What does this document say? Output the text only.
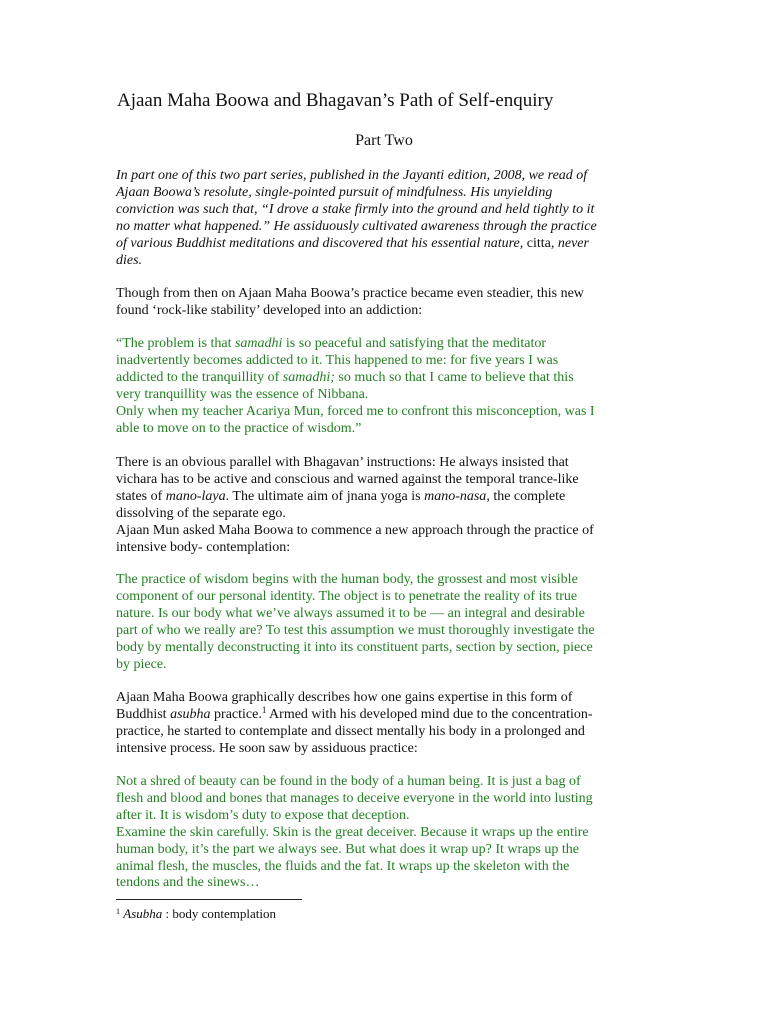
Ajaan Maha Boowa and Bhagavan’s Path of Self-enquiry
Part Two

In part one of this two part series, published in the Jayanti edition, 2008, we read of
Ajaan Boowa’s resolute, single-pointed pursuit of mindfulness. His unyielding
conviction was such that, “I drove a stake firmly into the ground and held tightly to it
no matter what happened.” He assiduously cultivated awareness through the practice
of various Buddhist meditations and discovered that his essential nature, citta, never
dies.

Though from then on Ajaan Maha Boowa’s practice became even steadier, this new
found ‘rock-like stability’ developed into an addiction:

“The problem is that samadhi is so peaceful and satisfying that the meditator
inadvertently becomes addicted to it. This happened to me: for five years I was
addicted to the tranquillity of samadhi; so much so that I came to believe that this
very tranquillity was the essence of Nibbana.
Only when my teacher Acariya Mun, forced me to confront this misconception, was I
able to move on to the practice of wisdom.”

There is an obvious parallel with Bhagavan’ instructions: He always insisted that
vichara has to be active and conscious and warned against the temporal trance-like
states of mano-laya. The ultimate aim of jnana yoga is mano-nasa, the complete
dissolving of the separate ego.
Ajaan Mun asked Maha Boowa to commence a new approach through the practice of
intensive body- contemplation:

The practice of wisdom begins with the human body, the grossest and most visible
component of our personal identity. The object is to penetrate the reality of its true
nature. Is our body what we’ve always assumed it to be — an integral and desirable
part of who we really are? To test this assumption we must thoroughly investigate the
body by mentally deconstructing it into its constituent parts, section by section, piece
by piece.

Ajaan Maha Boowa graphically describes how one gains expertise in this form of
Buddhist asubha practice.$^1$ Armed with his developed mind due to the concentration-
practice, he started to contemplate and dissect mentally his body in a prolonged and
intensive process. He soon saw by assiduous practice:

Not a shred of beauty can be found in the body of a human being. It is just a bag of
flesh and blood and bones that manages to deceive everyone in the world into lusting
after it. It is wisdom’s duty to expose that deception.
Examine the skin carefully. Skin is the great deceiver. Because it wraps up the entire
human body, it’s the part we always see. But what does it wrap up? It wraps up the
animal flesh, the muscles, the fluids and the fat. It wraps up the skeleton with the
tendons and the sinews…

$^1$ Asubha : body contemplation
